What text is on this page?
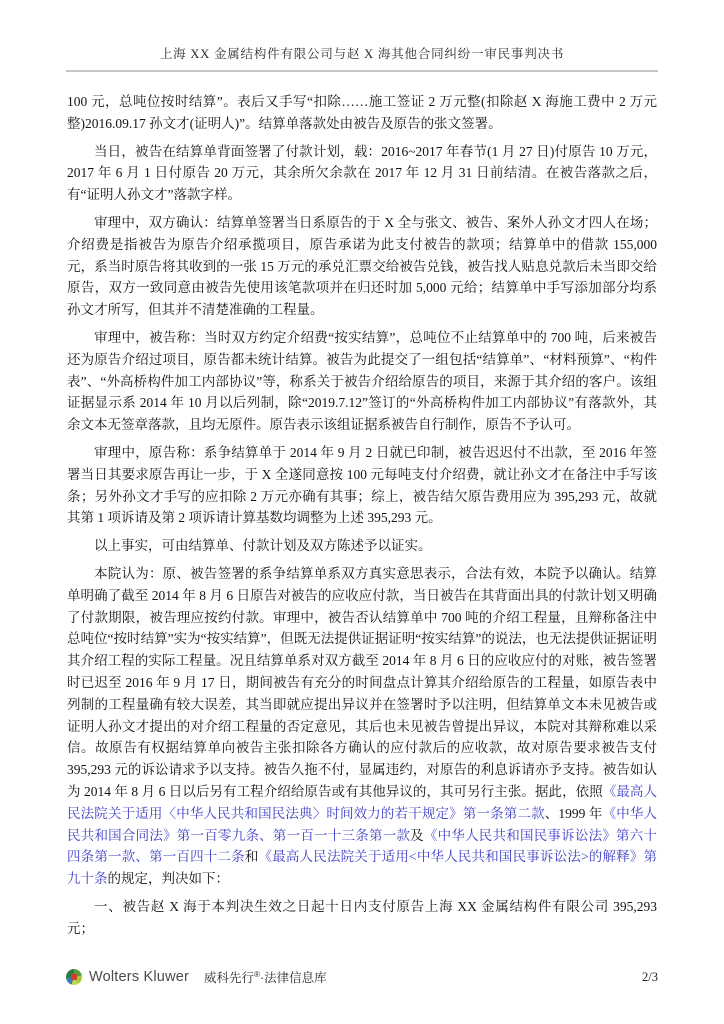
上海 XX 金属结构件有限公司与赵 X 海其他合同纠纷一审民事判决书

100 元，总吨位按时结算”。表后又手写“扣除……施工签证 2 万元整(扣除赵 X 海施工费中 2 万元整)2016.09.17 孙文才(证明人)”。结算单落款处由被告及原告的张文签署。

当日，被告在结算单背面签署了付款计划，载：2016~2017 年春节(1 月 27 日)付原告 10 万元，2017 年 6 月 1 日付原告 20 万元，其余所欠余款在 2017 年 12 月 31 日前结清。在被告落款之后，有“证明人孙文才”落款字样。

审理中，双方确认：结算单签署当日系原告的于 X 全与张文、被告、案外人孙文才四人在场；介绍费是指被告为原告介绍承揽项目，原告承诺为此支付被告的款项；结算单中的借款 155,000 元，系当时原告将其收到的一张 15 万元的承兑汇票交给被告兑钱，被告找人贴息兑款后未当即交给原告，双方一致同意由被告先使用该笔款项并在归还时加 5,000 元给；结算单中手写添加部分均系孙文才所写，但其并不清楚准确的工程量。

审理中，被告称：当时双方约定介绍费“按实结算”，总吨位不止结算单中的 700 吨，后来被告还为原告介绍过项目，原告都未统计结算。被告为此提交了一组包括“结算单”、“材料预算”、“构件表”、“外高桥构件加工内部协议”等，称系关于被告介绍给原告的项目，来源于其介绍的客户。该组证据显示系 2014 年 10 月以后列制，除“2019.7.12”签订的“外高桥构件加工内部协议”有落款外，其余文本无签章落款，且均无原件。原告表示该组证据系被告自行制作，原告不予认可。

审理中，原告称：系争结算单于 2014 年 9 月 2 日就已印制，被告迟迟付不出款，至 2016 年签署当日其要求原告再让一步，于 X 全遂同意按 100 元每吨支付介绍费，就让孙文才在备注中手写该条；另外孙文才手写的应扣除 2 万元亦确有其事；综上，被告结欠原告费用应为 395,293 元，故就其第 1 项诉请及第 2 项诉请计算基数均调整为上述 395,293 元。

以上事实，可由结算单、付款计划及双方陈述予以证实。

本院认为：原、被告签署的系争结算单系双方真实意思表示，合法有效，本院予以确认。结算单明确了截至 2014 年 8 月 6 日原告对被告的应收应付款，当日被告在其背面出具的付款计划又明确了付款期限，被告理应按约付款。审理中，被告否认结算单中 700 吨的介绍工程量，且辩称备注中总吨位“按时结算”实为“按实结算”，但既无法提供证据证明“按实结算”的说法，也无法提供证据证明其介绍工程的实际工程量。况且结算单系对双方截至 2014 年 8 月 6 日的应收应付的对账，被告签署时已迟至 2016 年 9 月 17 日，期间被告有充分的时间盘点计算其介绍给原告的工程量，如原告表中列制的工程量确有较大误差，其当即就应提出异议并在签署时予以注明，但结算单文本未见被告或证明人孙文才提出的对介绍工程量的否定意见，其后也未见被告曾提出异议，本院对其辩称难以采信。故原告有权据结算单向被告主张扣除各方确认的应付款后的应收款，故对原告要求被告支付 395,293 元的诉讼请求予以支持。被告久拖不付，显属违约，对原告的利息诉请亦予支持。被告如认为 2014 年 8 月 6 日以后另有工程介绍给原告或有其他异议的，其可另行主张。据此，依照《最高人民法院关于适用〈中华人民共和国民法典〉时间效力的若干规定》第一条第二款、1999 年《中华人民共和国合同法》第一百零九条、第一百一十三条第一款及《中华人民共和国民事诉讼法》第六十四条第一款、第一百四十二条和《最高人民法院关于适用<中华人民共和国民事诉讼法>的解释》第九十条的规定，判决如下：

一、被告赵 X 海于本判决生效之日起十日内支付原告上海 XX 金属结构件有限公司 395,293 元；

Wolters Kluwer 威科先行®·法律信息库	2/3
